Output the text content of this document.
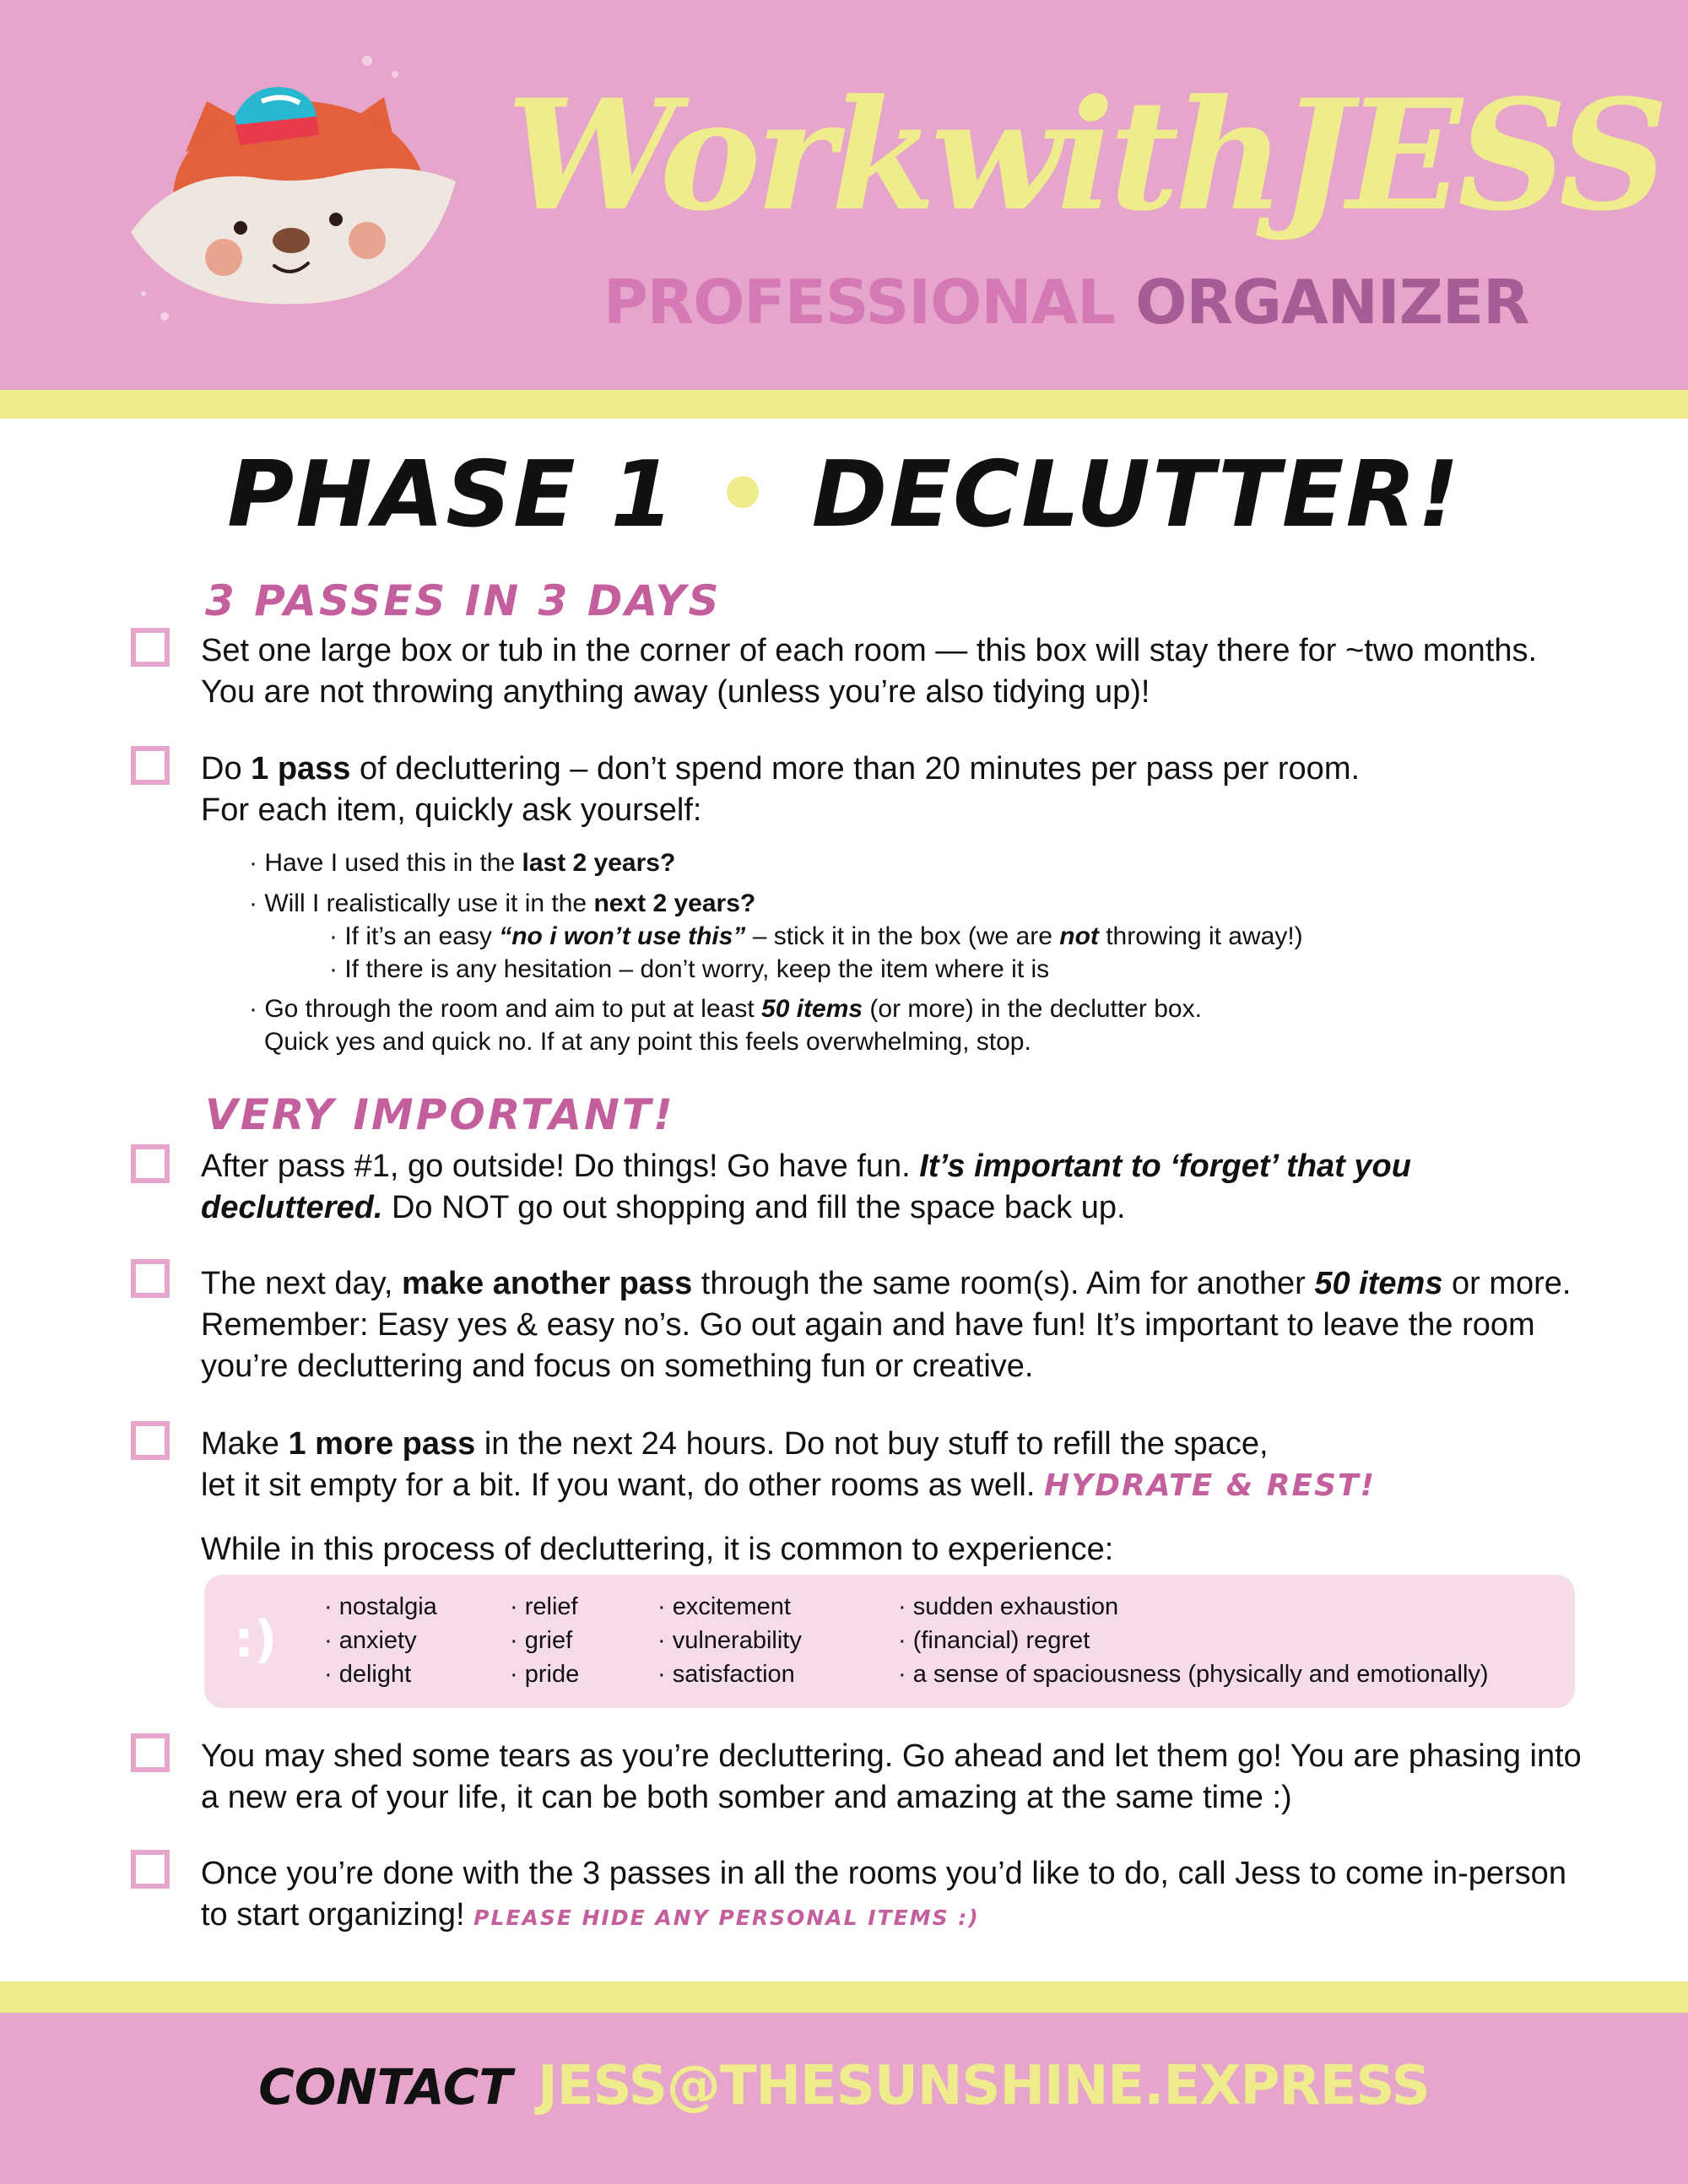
WorkwithJESS
PROFESSIONAL ORGANIZER
PHASE 1 • DECLUTTER!
3 PASSES IN 3 DAYS
Set one large box or tub in the corner of each room — this box will stay there for ~two months. You are not throwing anything away (unless you’re also tidying up)!
Do 1 pass of decluttering – don’t spend more than 20 minutes per pass per room.
For each item, quickly ask yourself:
· Have I used this in the last 2 years?
· Will I realistically use it in the next 2 years?
· If it’s an easy “no i won’t use this” – stick it in the box (we are not throwing it away!)
· If there is any hesitation – don’t worry, keep the item where it is
· Go through the room and aim to put at least 50 items (or more) in the declutter box.
Quick yes and quick no. If at any point this feels overwhelming, stop.
VERY IMPORTANT!
After pass #1, go outside! Do things! Go have fun. It’s important to ‘forget’ that you
decluttered. Do NOT go out shopping and fill the space back up.
The next day, make another pass through the same room(s). Aim for another 50 items or more. Remember: Easy yes & easy no’s. Go out again and have fun! It’s important to leave the room you’re decluttering and focus on something fun or creative.
Make 1 more pass in the next 24 hours. Do not buy stuff to refill the space,
let it sit empty for a bit. If you want, do other rooms as well. HYDRATE & REST!
While in this process of decluttering, it is common to experience:
:)
· nostalgia
· anxiety
· delight
· relief
· grief
· pride
· excitement
· vulnerability
· satisfaction
· sudden exhaustion
· (financial) regret
· a sense of spaciousness (physically and emotionally)
You may shed some tears as you’re decluttering. Go ahead and let them go! You are phasing into a new era of your life, it can be both somber and amazing at the same time :)
Once you’re done with the 3 passes in all the rooms you’d like to do, call Jess to come in-person to start organizing! PLEASE HIDE ANY PERSONAL ITEMS :)
CONTACT JESS@THESUNSHINE.EXPRESS
